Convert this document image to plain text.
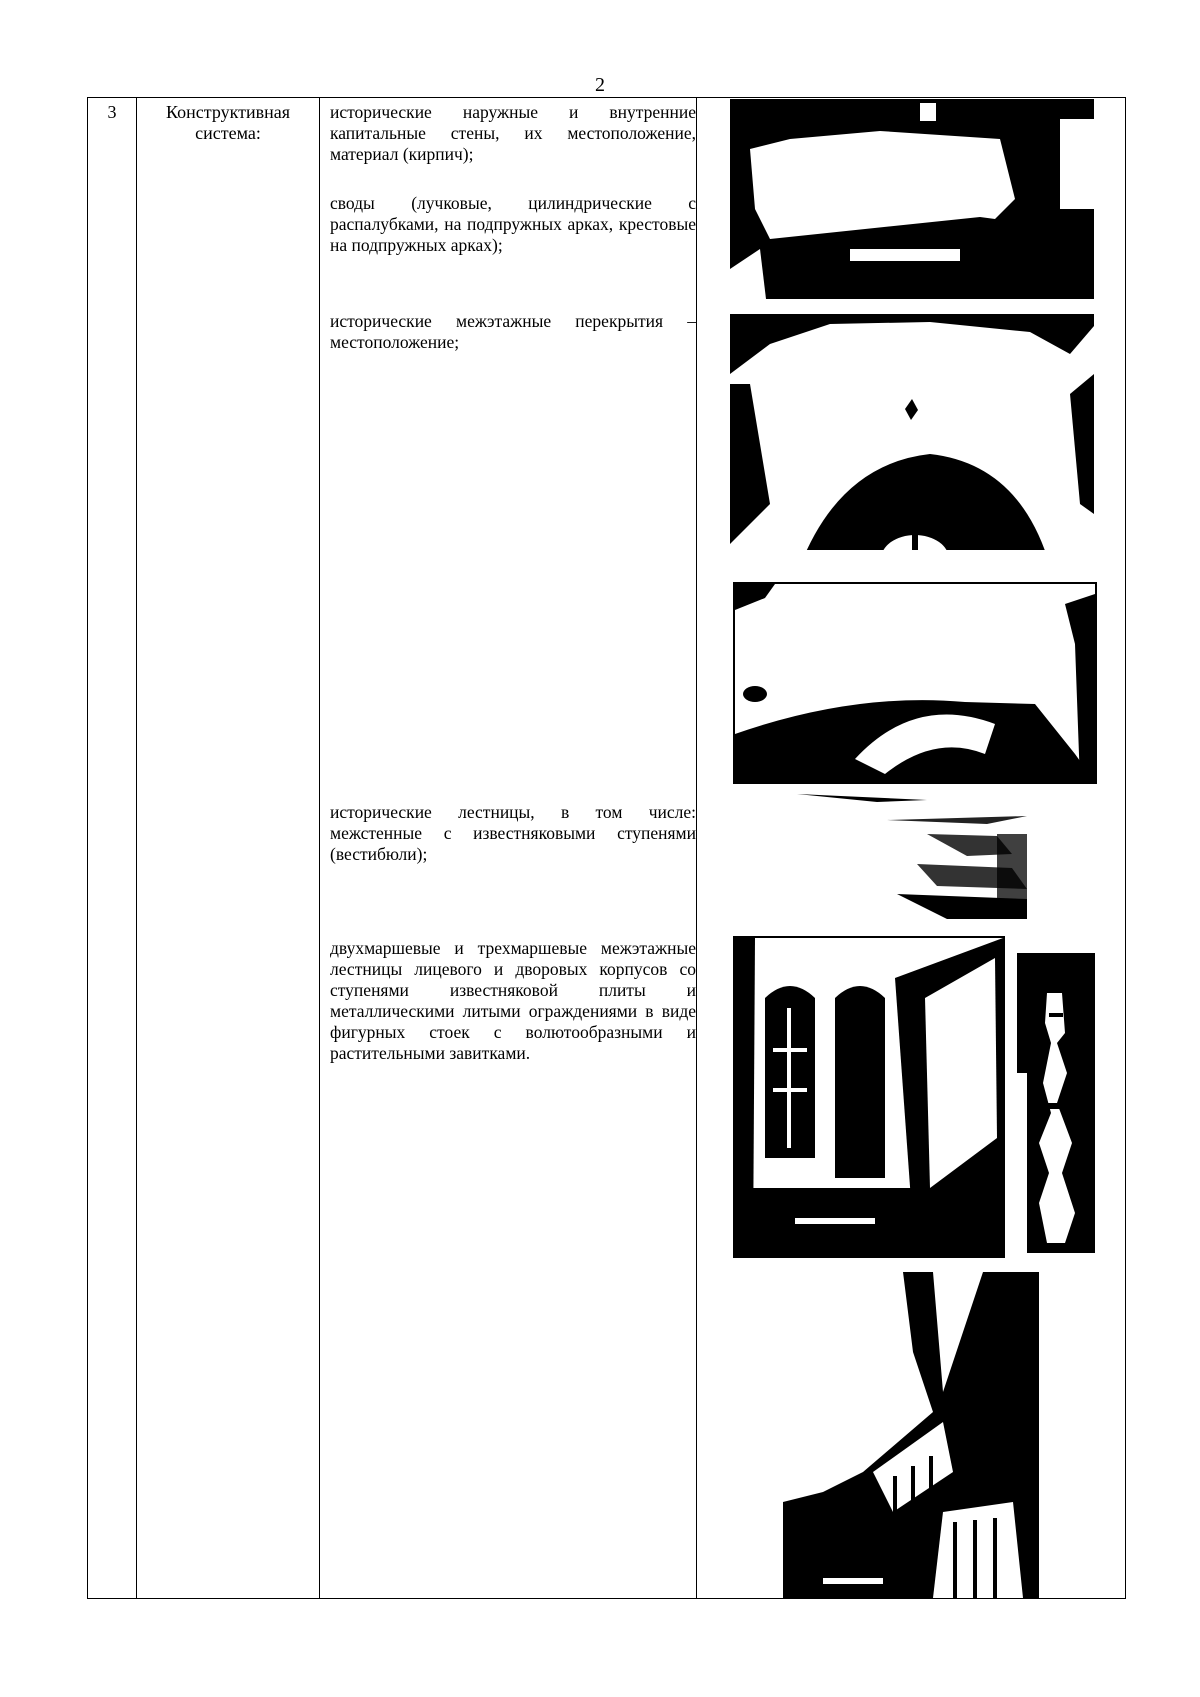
2
3	Конструктивная система:	
исторические наружные и внутренние капитальные стены, их местоположение, материал (кирпич);
своды (лучковые, цилиндрические с распалубками, на подпружных арках, крестовые на подпружных арках);
исторические межэтажные перекрытия – местоположение;
исторические лестницы, в том числе: межстенные с известняковыми ступенями (вестибюли);
двухмаршевые и трехмаршевые межэтажные лестницы лицевого и дворовых корпусов со ступенями известняковой плиты и металлическими литыми ограждениями в виде фигурных стоек с волютообразными и растительными завитками.
